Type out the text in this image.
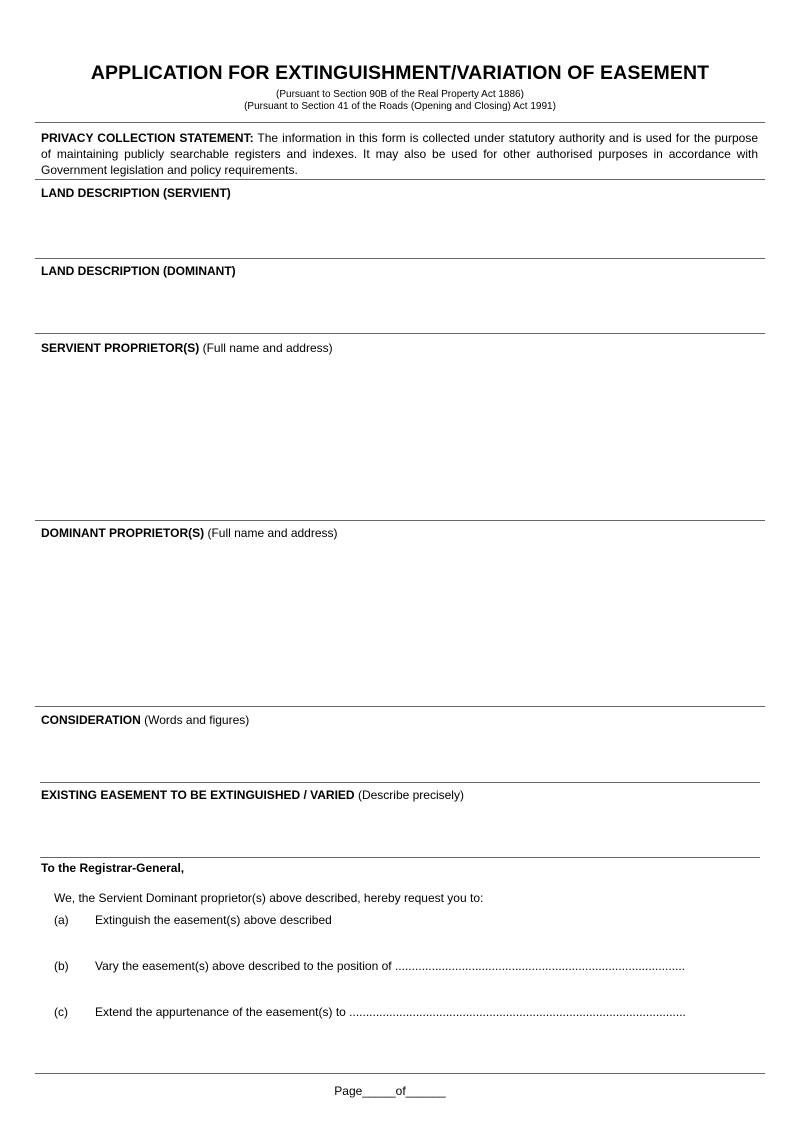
APPLICATION FOR EXTINGUISHMENT/VARIATION OF EASEMENT
(Pursuant to Section 90B of the Real Property Act 1886)
(Pursuant to Section 41 of the Roads (Opening and Closing) Act 1991)
PRIVACY COLLECTION STATEMENT: The information in this form is collected under statutory authority and is used for the purpose of maintaining publicly searchable registers and indexes. It may also be used for other authorised purposes in accordance with Government legislation and policy requirements.
LAND DESCRIPTION (SERVIENT)
LAND DESCRIPTION (DOMINANT)
SERVIENT PROPRIETOR(S) (Full name and address)
DOMINANT PROPRIETOR(S) (Full name and address)
CONSIDERATION (Words and figures)
EXISTING EASEMENT TO BE EXTINGUISHED / VARIED (Describe precisely)
To the Registrar-General,
We, the Servient Dominant proprietor(s) above described, hereby request you to:
(a) Extinguish the easement(s) above described
(b) Vary the easement(s) above described to the position of .......................................................................................
(c) Extend the appurtenance of the easement(s) to .....................................................................................................
Page_____of______
